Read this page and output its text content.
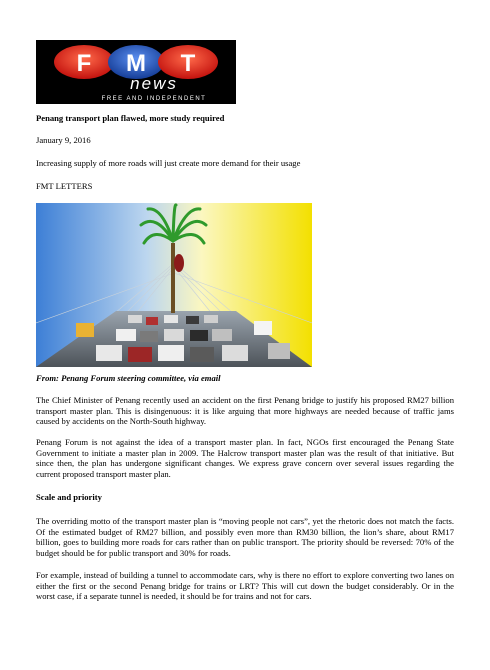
F M T
news
FREE AND INDEPENDENT

Penang transport plan flawed, more study required

January 9, 2016

Increasing supply of more roads will just create more demand for their usage

FMT LETTERS

From: Penang Forum steering committee, via email

The Chief Minister of Penang recently used an accident on the first Penang bridge to justify his proposed RM27 billion transport master plan. This is disingenuous: it is like arguing that more highways are needed because of traffic jams caused by accidents on the North-South highway.

Penang Forum is not against the idea of a transport master plan. In fact, NGOs first encouraged the Penang State Government to initiate a master plan in 2009. The Halcrow transport master plan was the result of that initiative. But since then, the plan has undergone significant changes. We express grave concern over several issues regarding the current proposed transport master plan.

Scale and priority

The overriding motto of the transport master plan is “moving people not cars”, yet the rhetoric does not match the facts. Of the estimated budget of RM27 billion, and possibly even more than RM30 billion, the lion’s share, about RM17 billion, goes to building more roads for cars rather than on public transport. The priority should be reversed: 70% of the budget should be for public transport and 30% for roads.

For example, instead of building a tunnel to accommodate cars, why is there no effort to explore converting two lanes on either the first or the second Penang bridge for trains or LRT? This will cut down the budget considerably. Or in the worst case, if a separate tunnel is needed, it should be for trains and not for cars.
